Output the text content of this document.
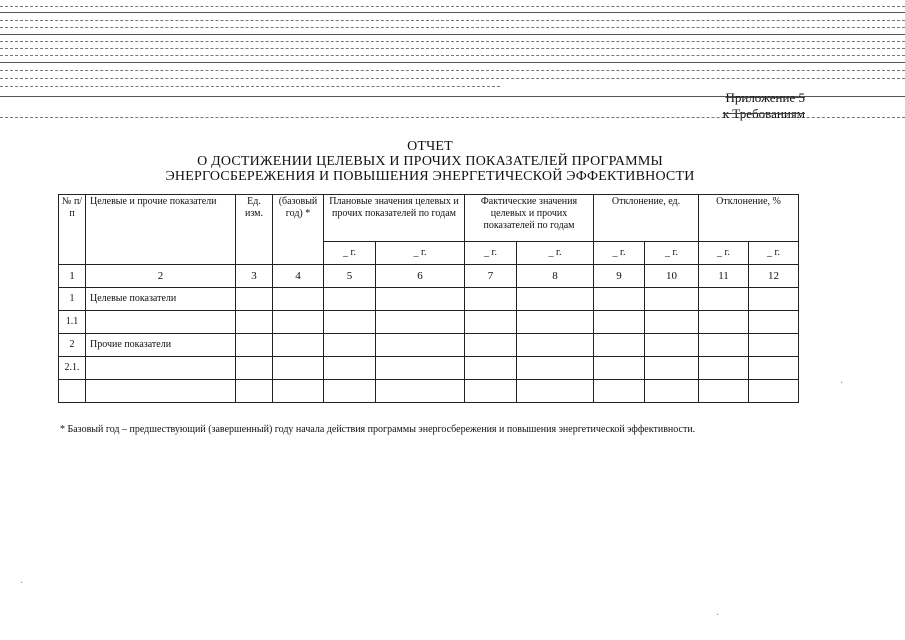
Приложение 5
к Требованиям
ОТЧЕТ
О ДОСТИЖЕНИИ ЦЕЛЕВЫХ И ПРОЧИХ ПОКАЗАТЕЛЕЙ ПРОГРАММЫ
ЭНЕРГОСБЕРЕЖЕНИЯ И ПОВЫШЕНИЯ ЭНЕРГЕТИЧЕСКОЙ ЭФФЕКТИВНОСТИ
№ п/п	Целевые и прочие показатели	Ед. изм.	(базовый год) *	Плановые значения целевых и прочих показателей по годам		Фактические значения целевых и прочих показателей по годам		Отклонение, ед.		Отклонение, %	
				_ г.	_ г.	_ г.	_ г.	_ г.	_ г.	_ г.	_ г.
1	2	3	4	5	6	7	8	9	10	11	12
1	Целевые показатели										
1.1											
2	Прочие показатели										
2.1.											

* Базовый год – предшествующий (завершенный) году начала действия программы энергосбережения и повышения энергетической эффективности.
·
·
·
